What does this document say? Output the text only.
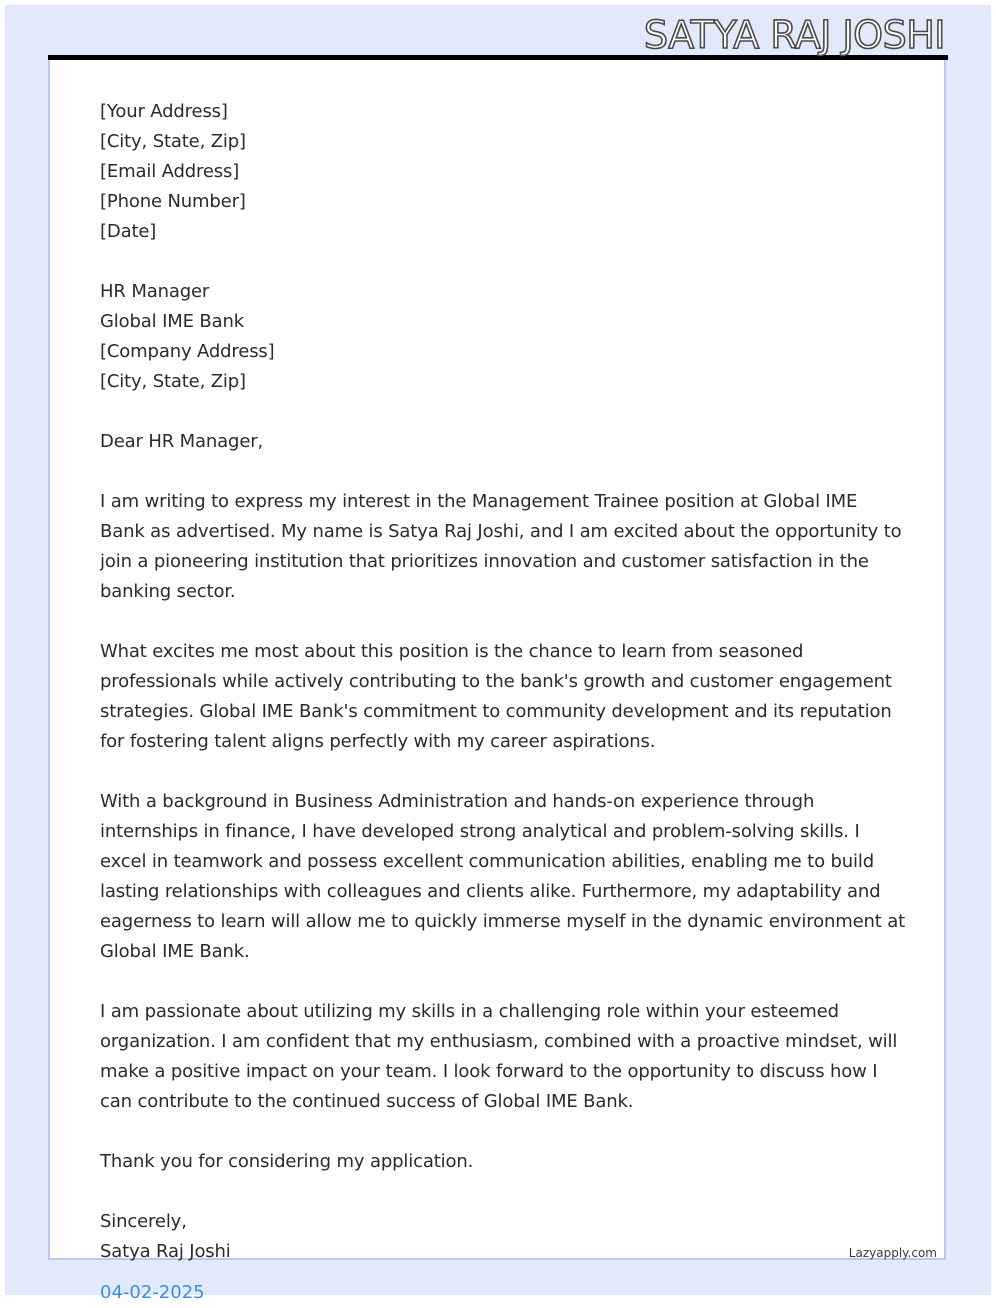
SATYA RAJ JOSHI
[Your Address]
[City, State, Zip]
[Email Address]
[Phone Number]
[Date]
HR Manager
Global IME Bank
[Company Address]
[City, State, Zip]
Dear HR Manager,
I am writing to express my interest in the Management Trainee position at Global IME
Bank as advertised. My name is Satya Raj Joshi, and I am excited about the opportunity to
join a pioneering institution that prioritizes innovation and customer satisfaction in the
banking sector.
What excites me most about this position is the chance to learn from seasoned
professionals while actively contributing to the bank's growth and customer engagement
strategies. Global IME Bank's commitment to community development and its reputation
for fostering talent aligns perfectly with my career aspirations.
With a background in Business Administration and hands-on experience through
internships in finance, I have developed strong analytical and problem-solving skills. I
excel in teamwork and possess excellent communication abilities, enabling me to build
lasting relationships with colleagues and clients alike. Furthermore, my adaptability and
eagerness to learn will allow me to quickly immerse myself in the dynamic environment at
Global IME Bank.
I am passionate about utilizing my skills in a challenging role within your esteemed
organization. I am confident that my enthusiasm, combined with a proactive mindset, will
make a positive impact on your team. I look forward to the opportunity to discuss how I
can contribute to the continued success of Global IME Bank.
Thank you for considering my application.
Sincerely,
Satya Raj Joshi	Lazyapply.com
04-02-2025
